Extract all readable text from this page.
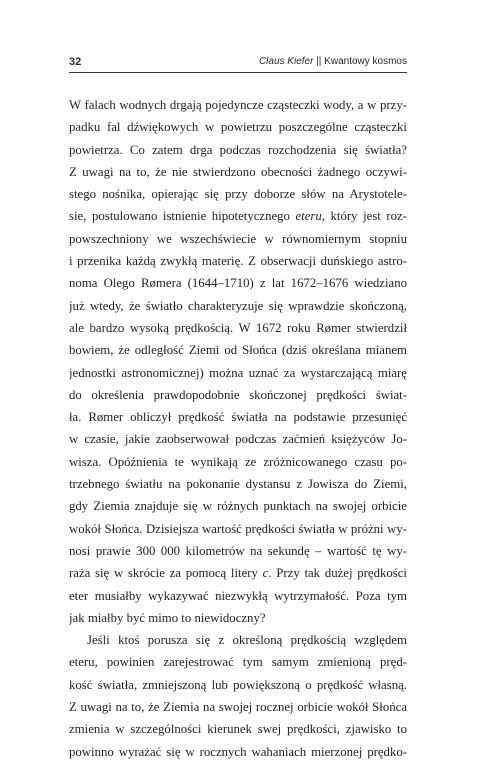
32	Claus Kiefer || Kwantowy kosmos
W falach wodnych drgają pojedyncze cząsteczki wody, a w przy-
padku fal dźwiękowych w powietrzu poszczególne cząsteczki
powietrza. Co zatem drga podczas rozchodzenia się światła?
Z uwagi na to, że nie stwierdzono obecności żadnego oczywi-
stego nośnika, opierając się przy doborze słów na Arystotele-
sie, postulowano istnienie hipotetycznego eteru, który jest roz-
powszechniony we wszechświecie w równomiernym stopniu
i przenika każdą zwykłą materię. Z obserwacji duńskiego astro-
noma Olego Rømera (1644–1710) z lat 1672–1676 wiedziano
już wtedy, że światło charakteryzuje się wprawdzie skończoną,
ale bardzo wysoką prędkością. W 1672 roku Rømer stwierdził
bowiem, że odległość Ziemi od Słońca (dziś określana mianem
jednostki astronomicznej) można uznać za wystarczającą miarę
do określenia prawdopodobnie skończonej prędkości świat-
ła. Rømer obliczył prędkość światła na podstawie przesunięć
w czasie, jakie zaobserwował podczas zaćmień księżyców Jo-
wisza. Opóźnienia te wynikają ze zróżnicowanego czasu po-
trzebnego światłu na pokonanie dystansu z Jowisza do Ziemi,
gdy Ziemia znajduje się w różnych punktach na swojej orbicie
wokół Słońca. Dzisiejsza wartość prędkości światła w próżni wy-
nosi prawie 300 000 kilometrów na sekundę – wartość tę wy-
raża się w skrócie za pomocą litery c. Przy tak dużej prędkości
eter musiałby wykazywać niezwykłą wytrzymałość. Poza tym
jak miałby być mimo to niewidoczny?
Jeśli ktoś porusza się z określoną prędkością względem
eteru, powinien zarejestrować tym samym zmienioną pręd-
kość światła, zmniejszoną lub powiększoną o prędkość własną.
Z uwagi na to, że Ziemia na swojej rocznej orbicie wokół Słońca
zmienia w szczególności kierunek swej prędkości, zjawisko to
powinno wyrażać się w rocznych wahaniach mierzonej prędko-
